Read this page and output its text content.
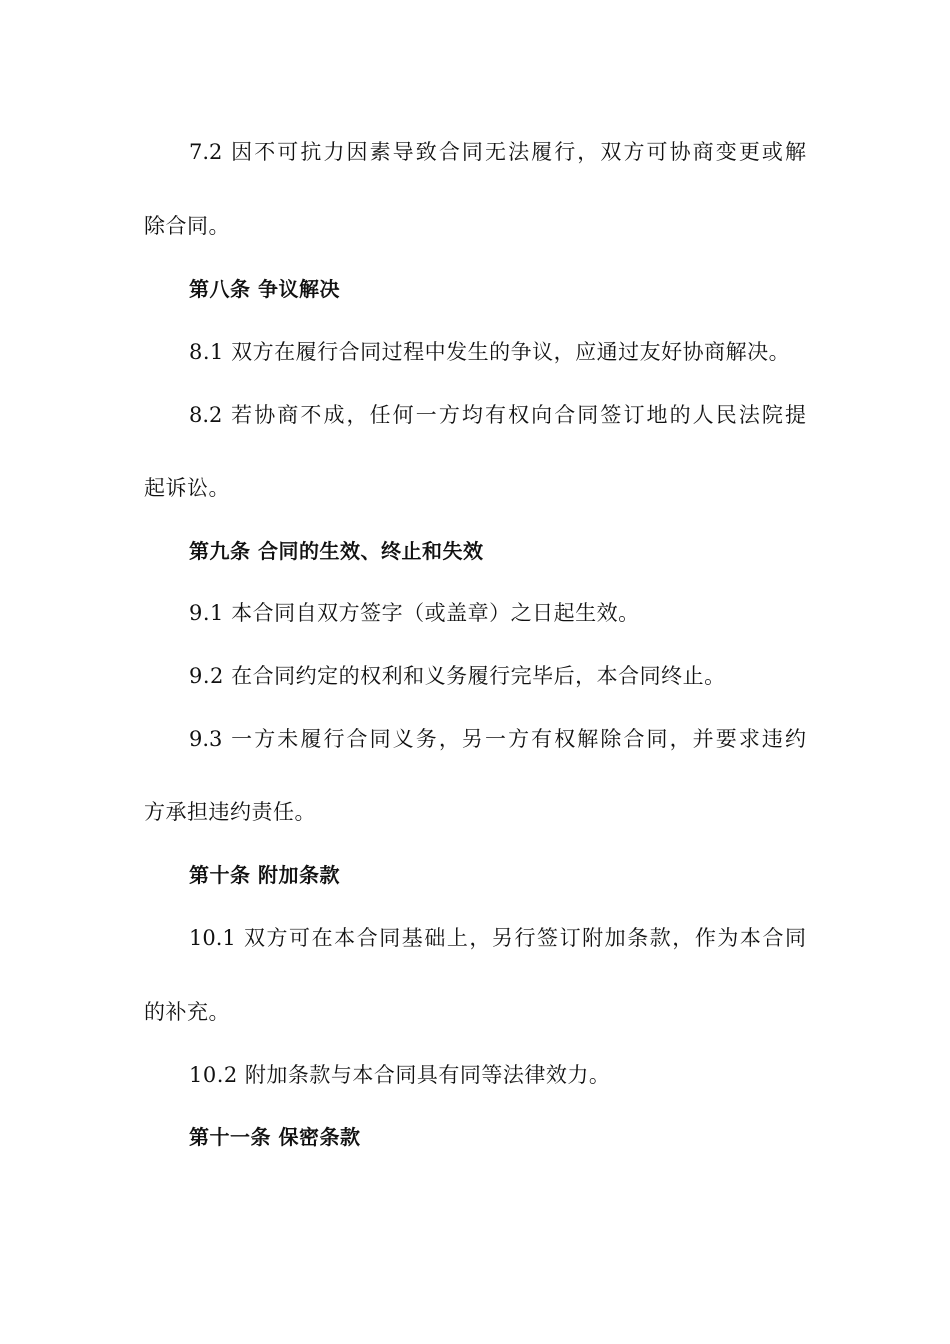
7.2 因不可抗力因素导致合同无法履行，双方可协商变更或解
除合同。
第八条 争议解决
8.1 双方在履行合同过程中发生的争议，应通过友好协商解决。
8.2 若协商不成，任何一方均有权向合同签订地的人民法院提
起诉讼。
第九条 合同的生效、终止和失效
9.1 本合同自双方签字（或盖章）之日起生效。
9.2 在合同约定的权利和义务履行完毕后，本合同终止。
9.3 一方未履行合同义务，另一方有权解除合同，并要求违约
方承担违约责任。
第十条 附加条款
10.1 双方可在本合同基础上，另行签订附加条款，作为本合同
的补充。
10.2 附加条款与本合同具有同等法律效力。
第十一条 保密条款
